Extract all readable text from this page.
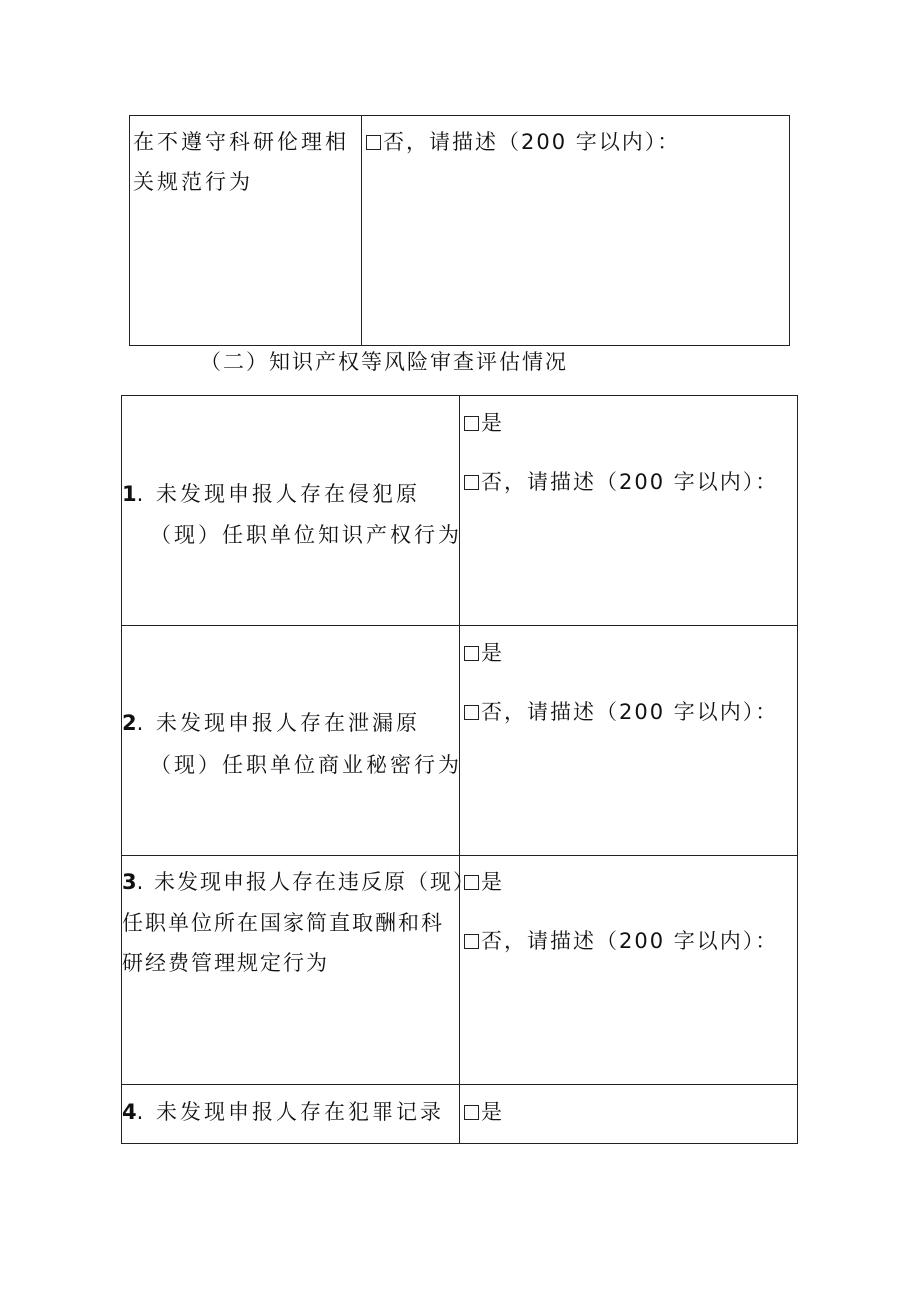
在不遵守科研伦理相
关规范行为
否，请描述（200 字以内）：
（二）知识产权等风险审查评估情况
1. 未发现申报人存在侵犯原
（现）任职单位知识产权行为
是
否，请描述（200 字以内）：
2. 未发现申报人存在泄漏原
（现）任职单位商业秘密行为
是
否，请描述（200 字以内）：
3. 未发现申报人存在违反原（现）
任职单位所在国家简直取酬和科
研经费管理规定行为
是
否，请描述（200 字以内）：
4. 未发现申报人存在犯罪记录	是
